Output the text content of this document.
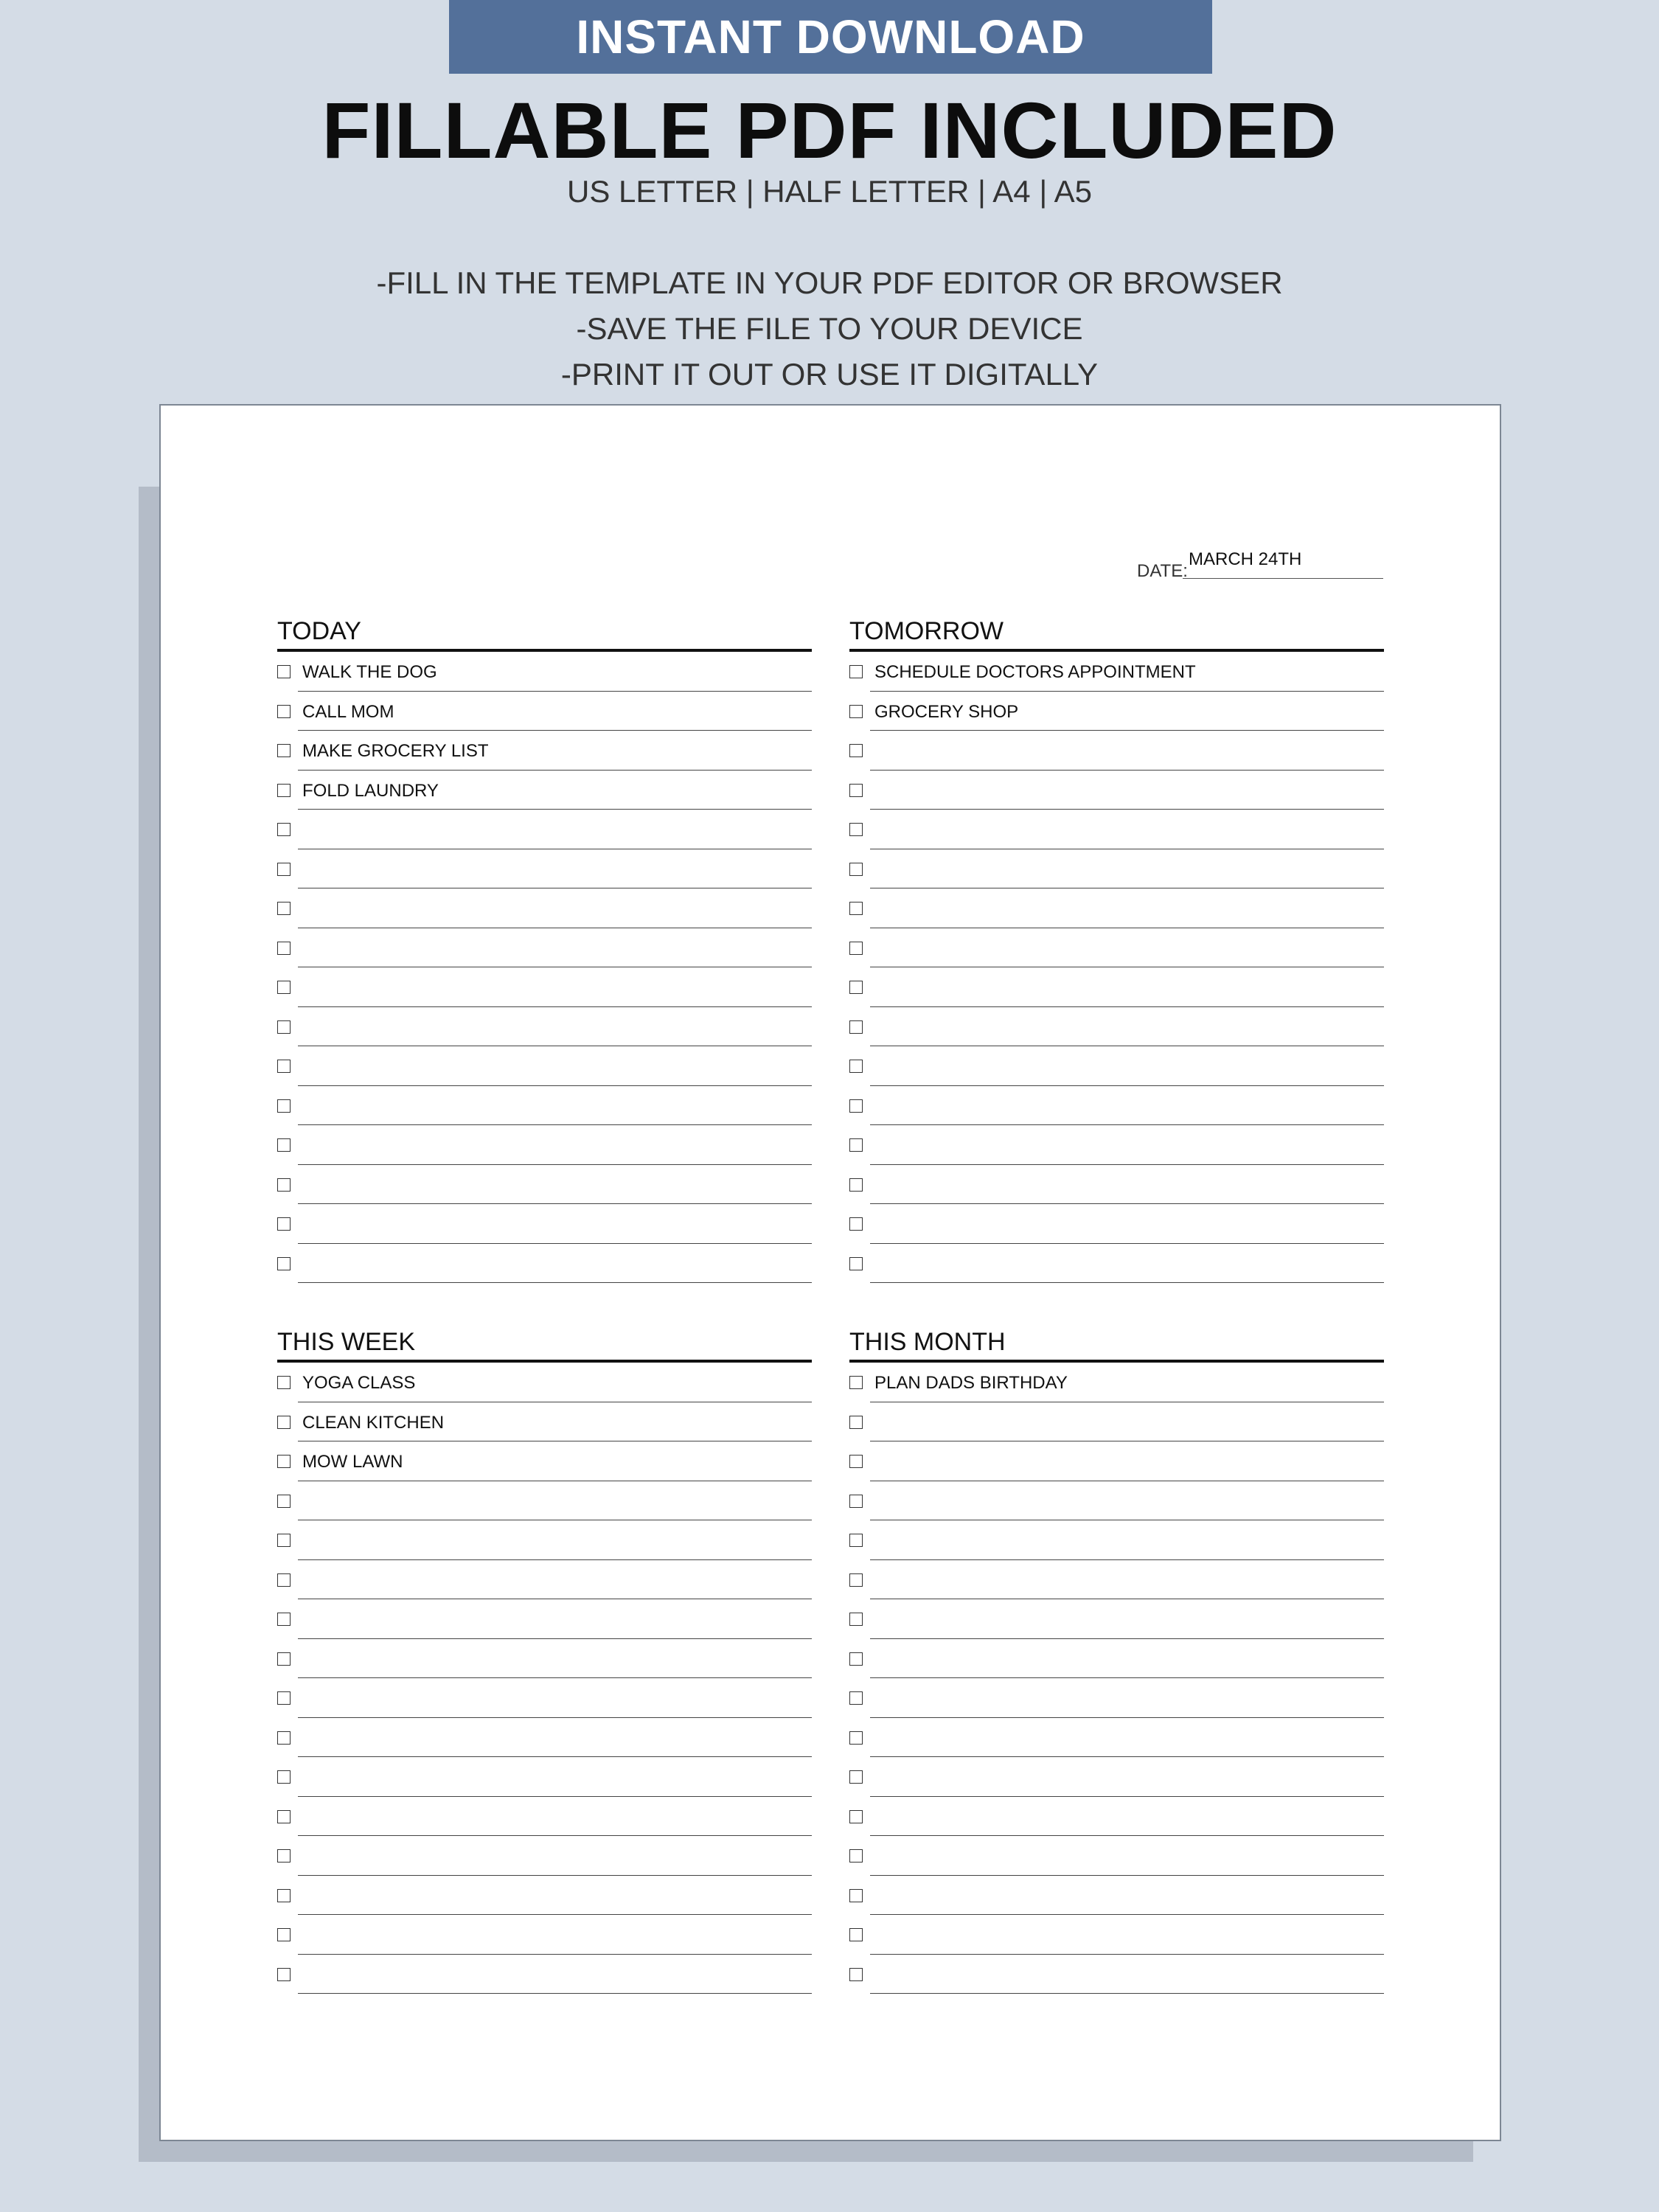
INSTANT DOWNLOAD
FILLABLE PDF INCLUDED
US LETTER | HALF LETTER | A4 | A5
-FILL IN THE TEMPLATE IN YOUR PDF EDITOR OR BROWSER
-SAVE THE FILE TO YOUR DEVICE
-PRINT IT OUT OR USE IT DIGITALLY
DATE:
MARCH 24TH
TODAY
WALK THE DOG
CALL MOM
MAKE GROCERY LIST
FOLD LAUNDRY
TOMORROW
SCHEDULE DOCTORS APPOINTMENT
GROCERY SHOP
THIS WEEK
YOGA CLASS
CLEAN KITCHEN
MOW LAWN
THIS MONTH
PLAN DADS BIRTHDAY
